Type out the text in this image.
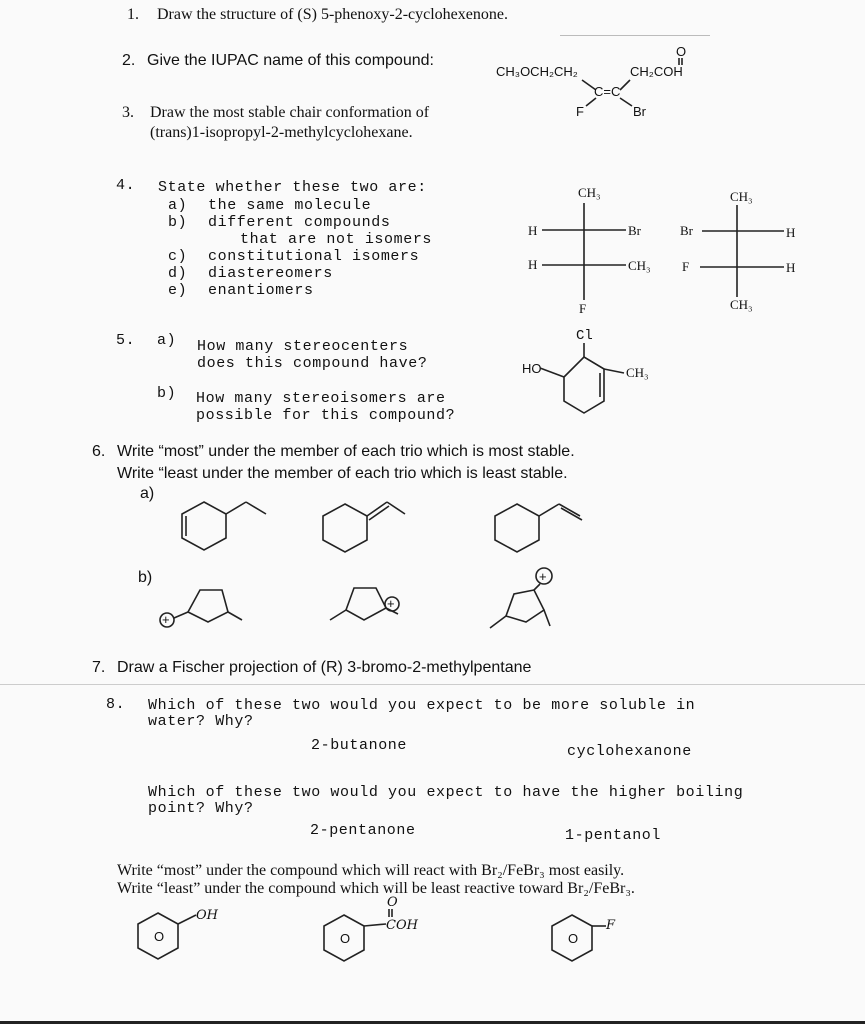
1. Draw the structure of (S) 5-phenoxy-2-cyclohexenone.
2. Give the IUPAC name of this compound:
CH₃OCH₂CH₂	CH₂COH
O
C=C
F	Br
3. Draw the most stable chair conformation of
(trans)1-isopropyl-2-methylcyclohexane.
4. State whether these two are:
a) the same molecule
b) different compounds
that are not isomers
c) constitutional isomers
d) diastereomers
e) enantiomers
CH₃
H	Br
H	CH₃
F
CH₃
Br	H
F	H
CH₃
5. a) How many stereocenters
does this compound have?
b) How many stereoisomers are
possible for this compound?
Cl
HO	CH₃
6. Write “most” under the member of each trio which is most stable.
Write “least under the member of each trio which is least stable.
a)
b)
+
+
+
7. Draw a Fischer projection of (R) 3-bromo-2-methylpentane
8. Which of these two would you expect to be more soluble in
water? Why?
2-butanone	cyclohexanone
Which of these two would you expect to have the higher boiling
point? Why?
2-pentanone	1-pentanol
Write “most” under the compound which will react with Br₂/FeBr₃ most easily.
Write “least” under the compound which will be least reactive toward Br₂/FeBr₃.
O
OH
O
O
COH
O
F
